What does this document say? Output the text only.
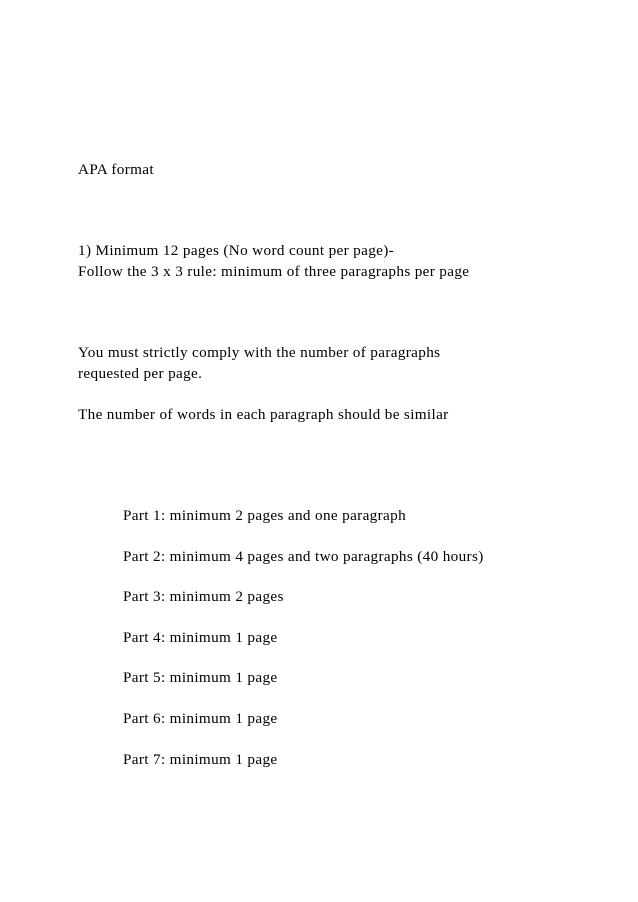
APA format
1) Minimum 12 pages (No word count per page)-
Follow the 3 x 3 rule: minimum of three paragraphs per page
You must strictly comply with the number of paragraphs
requested per page.
The number of words in each paragraph should be similar
Part 1: minimum 2 pages and one paragraph
Part 2: minimum 4 pages and two paragraphs (40 hours)
Part 3: minimum 2 pages
Part 4: minimum 1 page
Part 5: minimum 1 page
Part 6: minimum 1 page
Part 7: minimum 1 page
